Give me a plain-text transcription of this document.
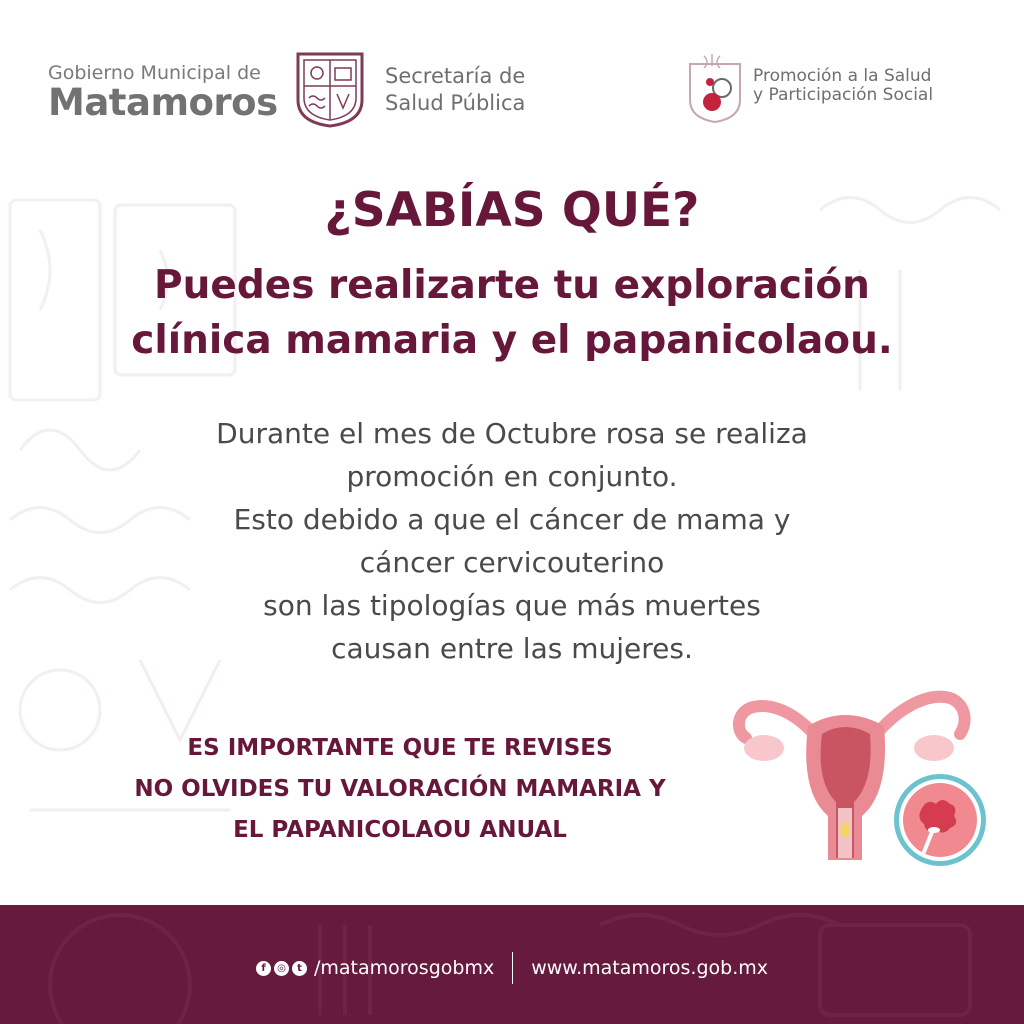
Gobierno Municipal de
Matamoros
Secretaría de
Salud Pública
Promoción a la Salud
y Participación Social
¿SABÍAS QUÉ?
Puedes realizarte tu exploración
clínica mamaria y el papanicolaou.
Durante el mes de Octubre rosa se realiza
promoción en conjunto.
Esto debido a que el cáncer de mama y
cáncer cervicouterino
son las tipologías que más muertes
causan entre las mujeres.
ES IMPORTANTE QUE TE REVISES
NO OLVIDES TU VALORACIÓN MAMARIA Y
EL PAPANICOLAOU ANUAL
f	◎	t /matamorosgobmx www.matamoros.gob.mx
